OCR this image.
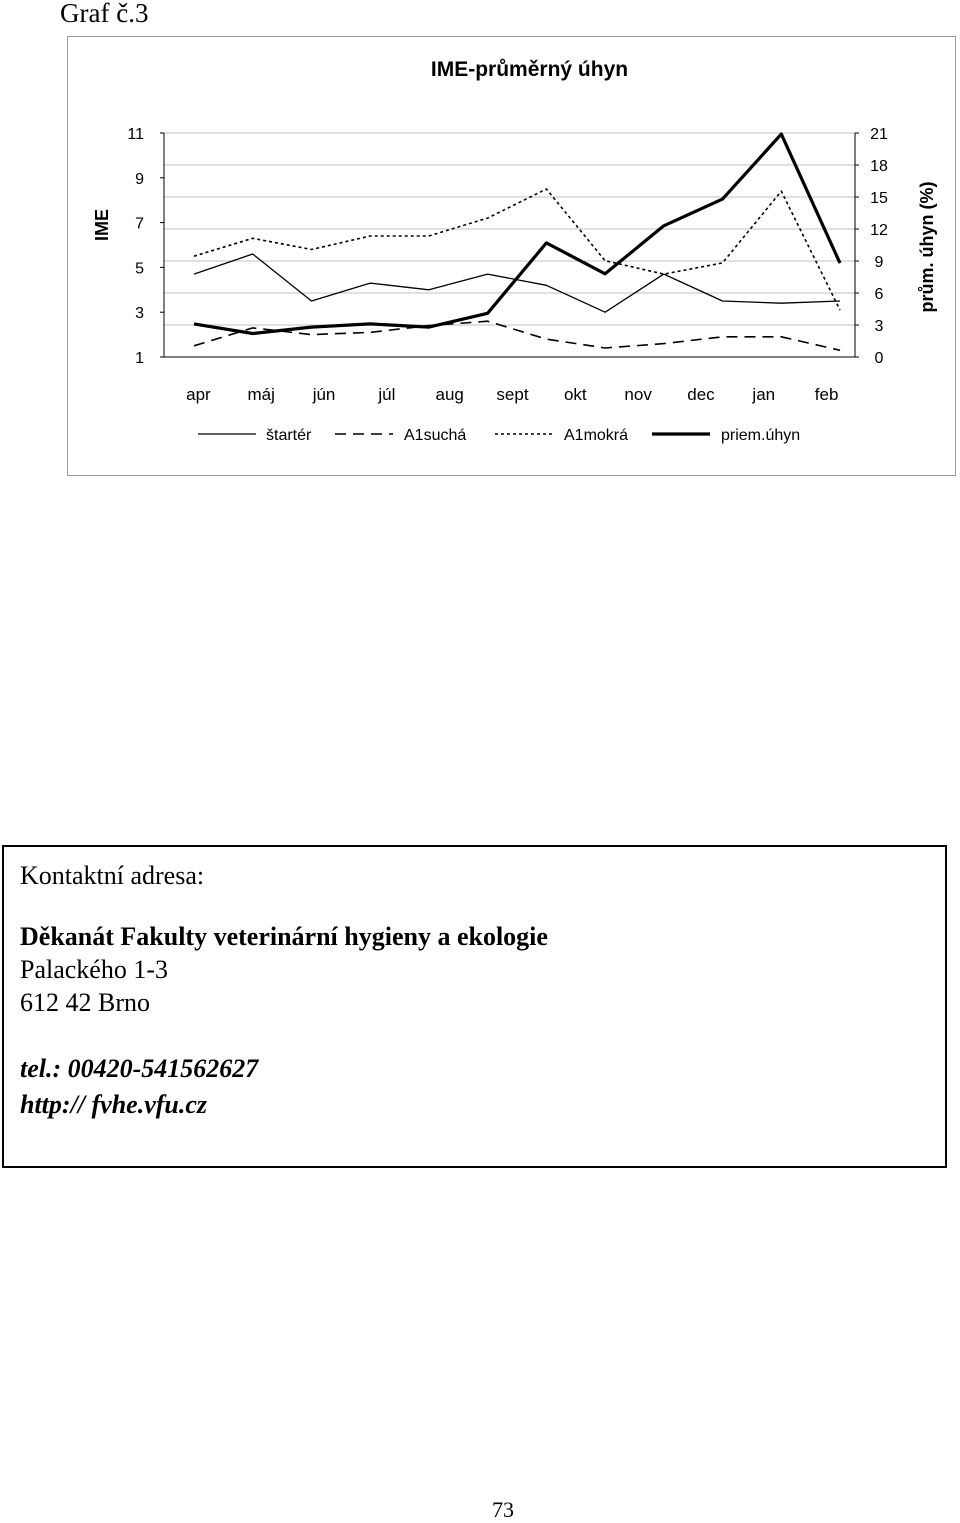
Graf č.3
IME-průměrný úhyn
1
3
5
7
9
11
0
3
6
9
12
15
18
21
IME	prům. úhyn (%)
apr máj jún	júl aug sept okt nov dec jan feb
štartér	A1suchá	A1mokrá	priem.úhyn
Kontaktní adresa:
Děkanát Fakulty veterinární hygieny a ekologie
Palackého 1-3
612 42 Brno
tel.: 00420-541562627
http:// fvhe.vfu.cz
73
